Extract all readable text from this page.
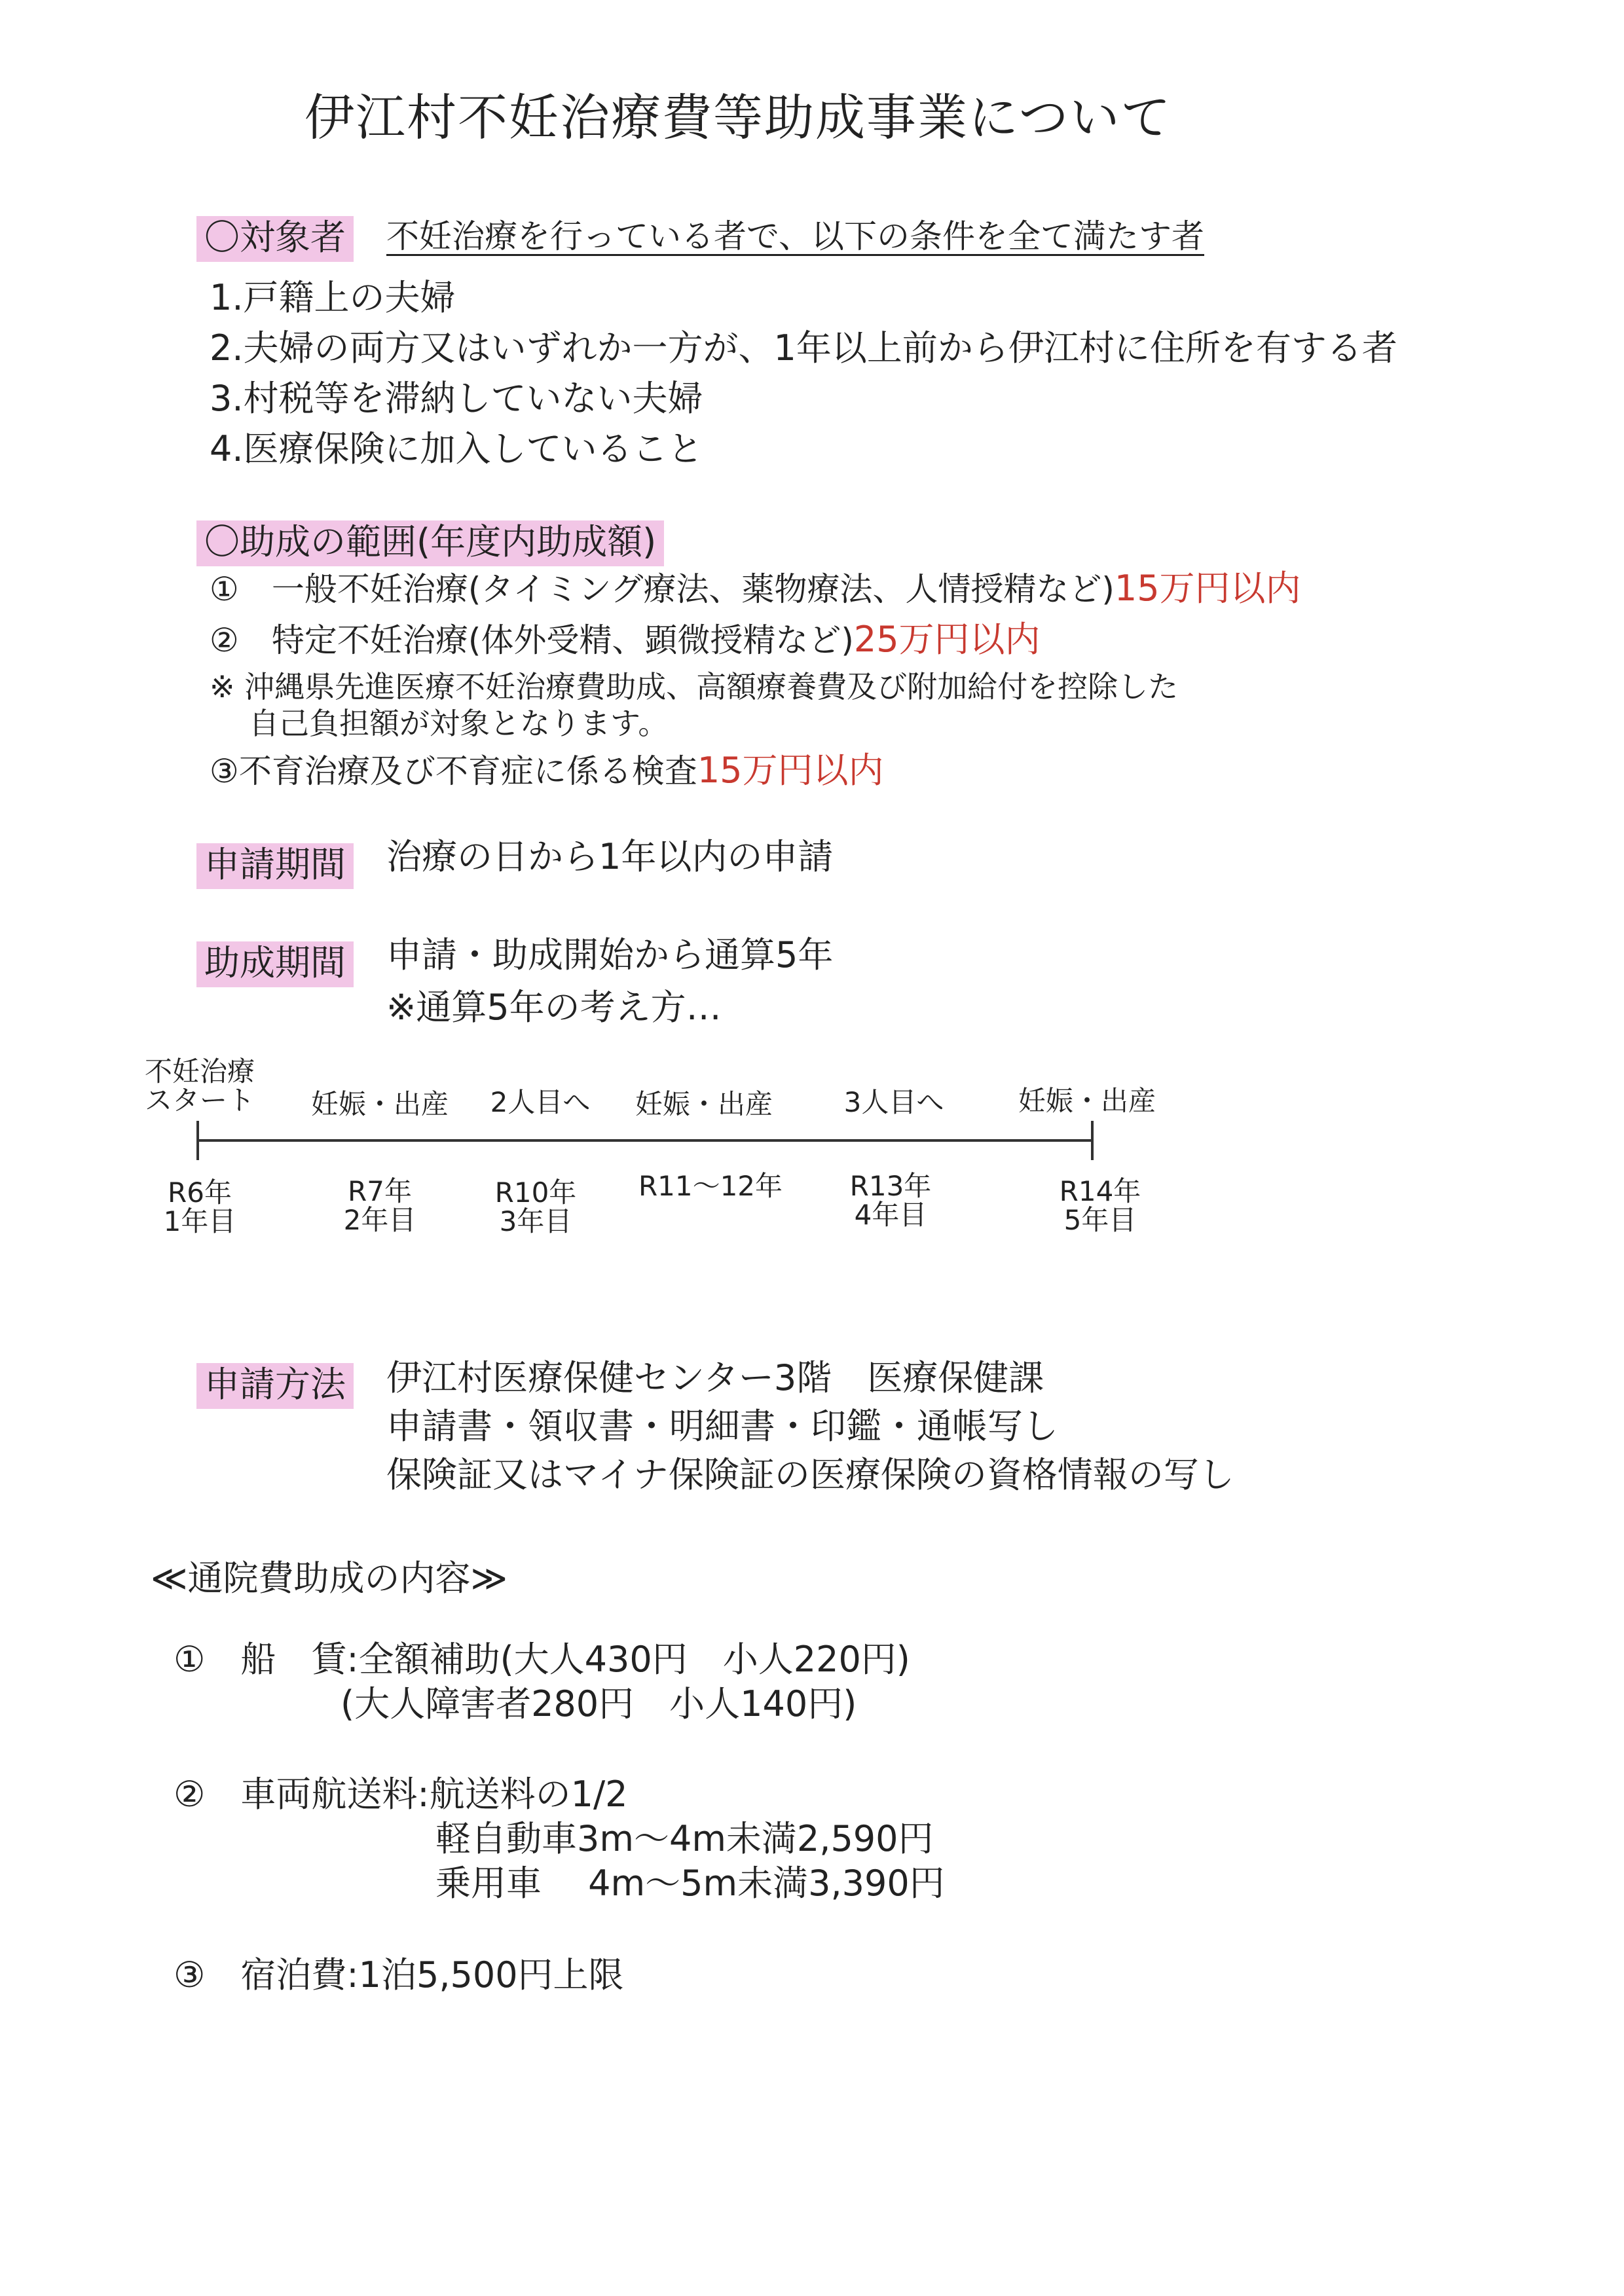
伊江村不妊治療費等助成事業について
〇対象者 不妊治療を行っている者で、以下の条件を全て満たす者
1.戸籍上の夫婦
2.夫婦の両方又はいずれか一方が、1年以上前から伊江村に住所を有する者
3.村税等を滞納していない夫婦
4.医療保険に加入していること
〇助成の範囲(年度内助成額)
①　一般不妊治療(タイミング療法、薬物療法、人情授精など)15万円以内
②　特定不妊治療(体外受精、顕微授精など)25万円以内
※ 沖縄県先進医療不妊治療費助成、高額療養費及び附加給付を控除した
自己負担額が対象となります。
③不育治療及び不育症に係る検査15万円以内
申請期間 治療の日から1年以内の申請
助成期間 申請・助成開始から通算5年
※通算5年の考え方…
不妊治療
スタート 妊娠・出産 2人目へ 妊娠・出産	3人目へ	妊娠・出産
R6年
1年目
R7年
2年目
R10年
3年目
R11～12年 R13年
4年目
R14年
5年目
申請方法 伊江村医療保健センター3階　医療保健課
申請書・領収書・明細書・印鑑・通帳写し
保険証又はマイナ保険証の医療保険の資格情報の写し
≪通院費助成の内容≫
①　船　賃:全額補助(大人430円　小人220円)
(大人障害者280円　小人140円)
②　車両航送料:航送料の1/2
軽自動車3m～4m未満2,590円
乗用車　 4m～5m未満3,390円
③　宿泊費:1泊5,500円上限
